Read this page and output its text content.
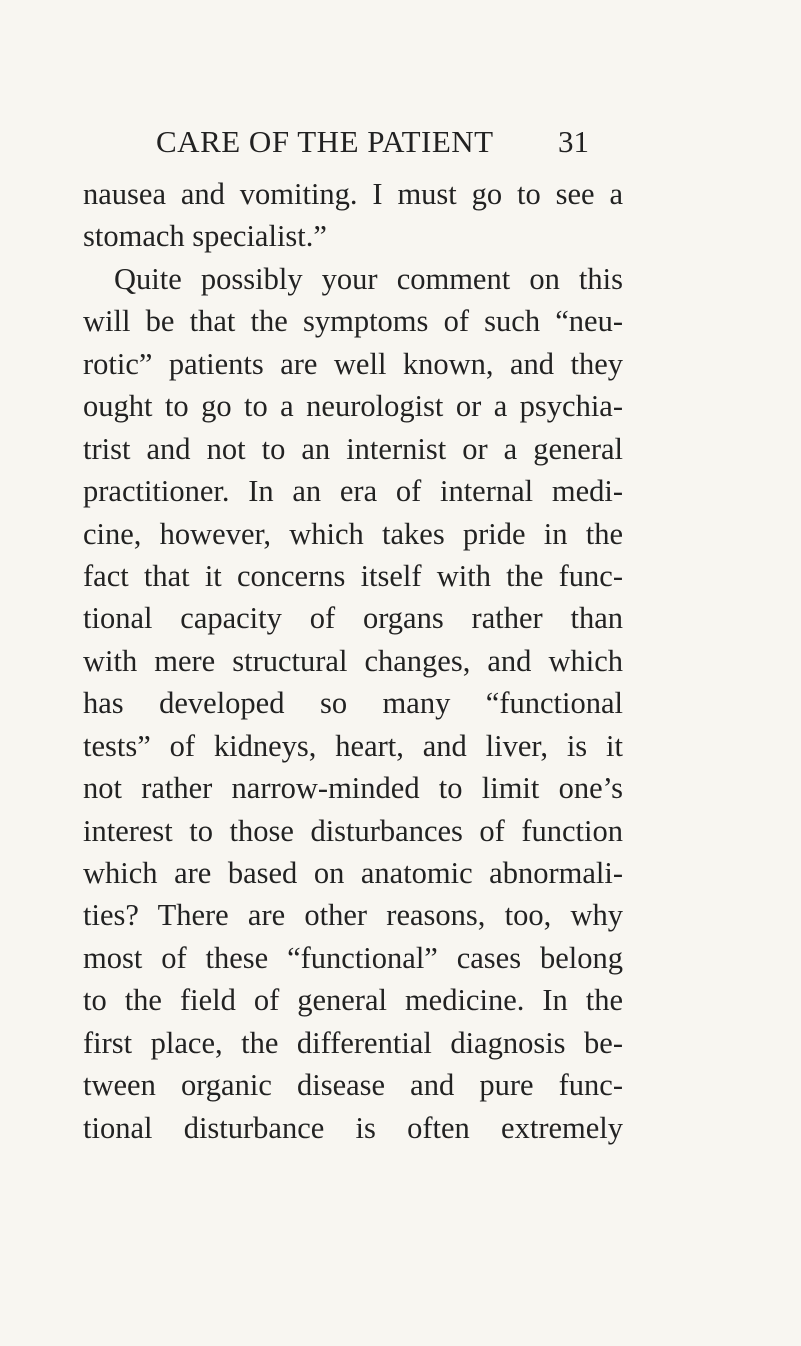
CARE OF THE PATIENT 31
nausea and vomiting. I must go to see a
stomach specialist.”
Quite possibly your comment on this
will be that the symptoms of such “neu-
rotic” patients are well known, and they
ought to go to a neurologist or a psychia-
trist and not to an internist or a general
practitioner. In an era of internal medi-
cine, however, which takes pride in the
fact that it concerns itself with the func-
tional capacity of organs rather than
with mere structural changes, and which
has developed so many “functional
tests” of kidneys, heart, and liver, is it
not rather narrow-minded to limit one’s
interest to those disturbances of function
which are based on anatomic abnormali-
ties? There are other reasons, too, why
most of these “functional” cases belong
to the field of general medicine. In the
first place, the differential diagnosis be-
tween organic disease and pure func-
tional disturbance is often extremely
